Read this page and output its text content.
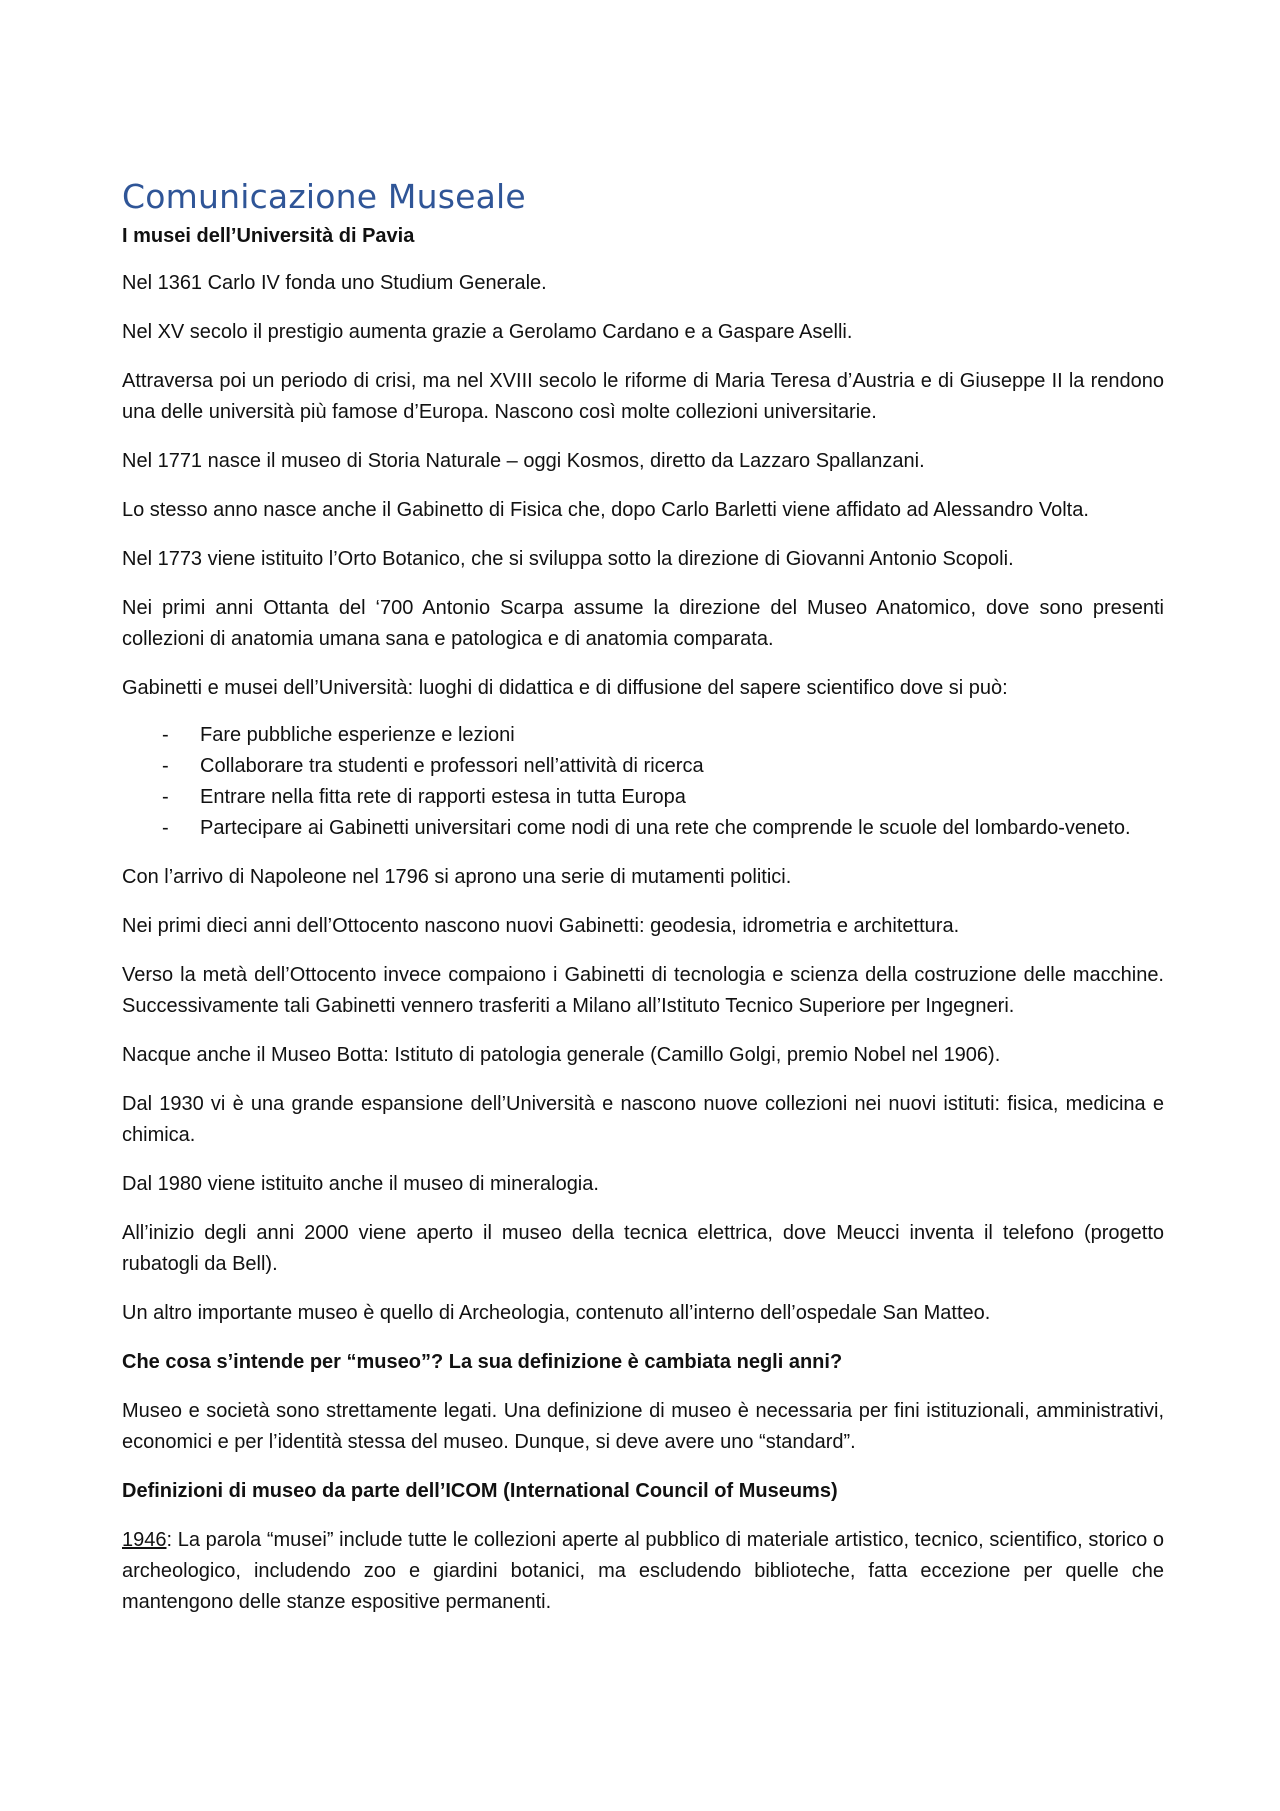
Comunicazione Museale
I musei dell’Università di Pavia

Nel 1361 Carlo IV fonda uno Studium Generale.

Nel XV secolo il prestigio aumenta grazie a Gerolamo Cardano e a Gaspare Aselli.

Attraversa poi un periodo di crisi, ma nel XVIII secolo le riforme di Maria Teresa d’Austria e di Giuseppe II la rendono una delle università più famose d’Europa. Nascono così molte collezioni universitarie.

Nel 1771 nasce il museo di Storia Naturale – oggi Kosmos, diretto da Lazzaro Spallanzani.

Lo stesso anno nasce anche il Gabinetto di Fisica che, dopo Carlo Barletti viene affidato ad Alessandro Volta.

Nel 1773 viene istituito l’Orto Botanico, che si sviluppa sotto la direzione di Giovanni Antonio Scopoli.

Nei primi anni Ottanta del ‘700 Antonio Scarpa assume la direzione del Museo Anatomico, dove sono presenti collezioni di anatomia umana sana e patologica e di anatomia comparata.

Gabinetti e musei dell’Università: luoghi di didattica e di diffusione del sapere scientifico dove si può:

- Fare pubbliche esperienze e lezioni
- Collaborare tra studenti e professori nell’attività di ricerca
- Entrare nella fitta rete di rapporti estesa in tutta Europa
- Partecipare ai Gabinetti universitari come nodi di una rete che comprende le scuole del lombardo-veneto.

Con l’arrivo di Napoleone nel 1796 si aprono una serie di mutamenti politici.

Nei primi dieci anni dell’Ottocento nascono nuovi Gabinetti: geodesia, idrometria e architettura.

Verso la metà dell’Ottocento invece compaiono i Gabinetti di tecnologia e scienza della costruzione delle macchine. Successivamente tali Gabinetti vennero trasferiti a Milano all’Istituto Tecnico Superiore per Ingegneri.

Nacque anche il Museo Botta: Istituto di patologia generale (Camillo Golgi, premio Nobel nel 1906).

Dal 1930 vi è una grande espansione dell’Università e nascono nuove collezioni nei nuovi istituti: fisica, medicina e chimica.

Dal 1980 viene istituito anche il museo di mineralogia.

All’inizio degli anni 2000 viene aperto il museo della tecnica elettrica, dove Meucci inventa il telefono (progetto rubatogli da Bell).

Un altro importante museo è quello di Archeologia, contenuto all’interno dell’ospedale San Matteo.

Che cosa s’intende per “museo”? La sua definizione è cambiata negli anni?

Museo e società sono strettamente legati. Una definizione di museo è necessaria per fini istituzionali, amministrativi, economici e per l’identità stessa del museo. Dunque, si deve avere uno “standard”.

Definizioni di museo da parte dell’ICOM (International Council of Museums)

1946: La parola “musei” include tutte le collezioni aperte al pubblico di materiale artistico, tecnico, scientifico, storico o archeologico, includendo zoo e giardini botanici, ma escludendo biblioteche, fatta eccezione per quelle che mantengono delle stanze espositive permanenti.
